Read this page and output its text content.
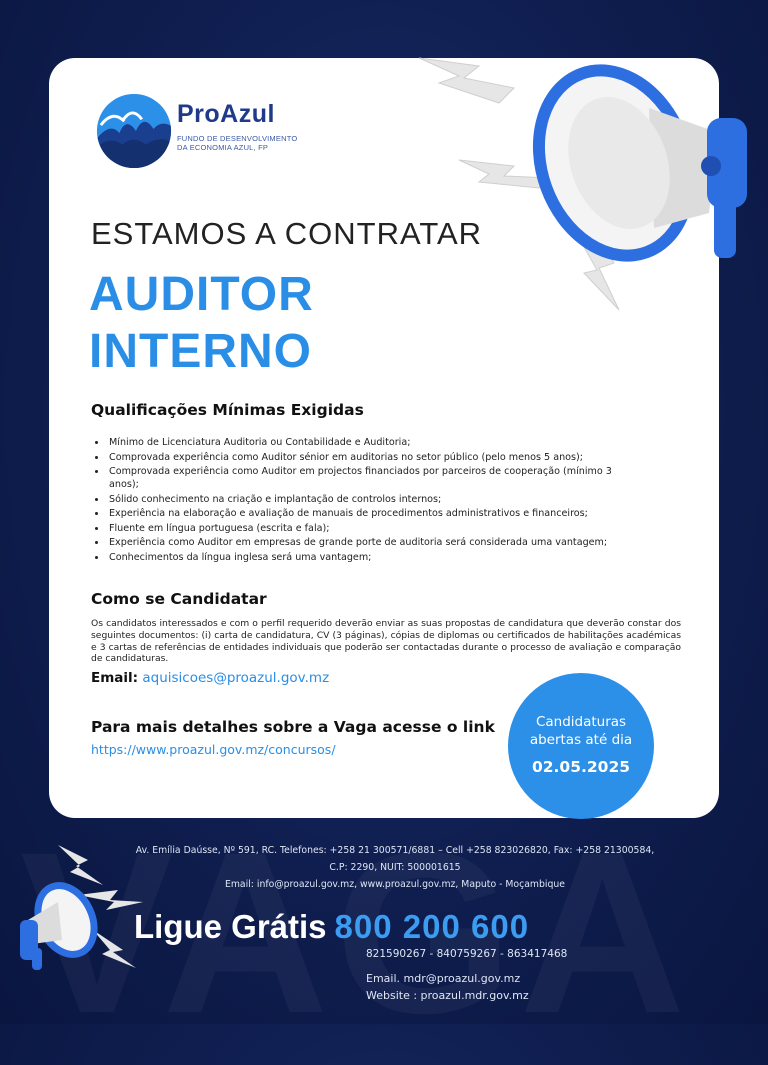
ProAzul
FUNDO DE DESENVOLVIMENTO
DA ECONOMIA AZUL, FP
ESTAMOS A CONTRATAR
AUDITOR
INTERNO
Qualificações Mínimas Exigidas
• Mínimo de Licenciatura Auditoria ou Contabilidade e Auditoria;
• Comprovada experiência como Auditor sénior em auditorias no setor público (pelo menos 5 anos);
• Comprovada experiência como Auditor em projectos financiados por parceiros de cooperação (mínimo 3 anos);
• Sólido conhecimento na criação e implantação de controlos internos;
• Experiência na elaboração e avaliação de manuais de procedimentos administrativos e financeiros;
• Fluente em língua portuguesa (escrita e fala);
• Experiência como Auditor em empresas de grande porte de auditoria será considerada uma vantagem;
• Conhecimentos da língua inglesa será uma vantagem;
Como se Candidatar
Os candidatos interessados e com o perfil requerido deverão enviar as suas propostas de candidatura que deverão constar dos seguintes documentos: (i) carta de candidatura, CV (3 páginas), cópias de diplomas ou certificados de habilitações académicas e 3 cartas de referências de entidades individuais que poderão ser contactadas durante o processo de avaliação e comparação de candidaturas.
Email: aquisicoes@proazul.gov.mz
Para mais detalhes sobre a Vaga acesse o link
https://www.proazul.gov.mz/concursos/
Candidaturas
abertas até dia
02.05.2025
Av. Emília Daússe, Nº 591, RC. Telefones: +258 21 300571/6881 – Cell +258 823026820, Fax: +258 21300584,
C.P: 2290, NUIT: 500001615
Email: info@proazul.gov.mz, www.proazul.gov.mz, Maputo - Moçambique
Ligue Grátis 800 200 600
821590267 - 840759267 - 863417468
Email. mdr@proazul.gov.mz
Website : proazul.mdr.gov.mz
